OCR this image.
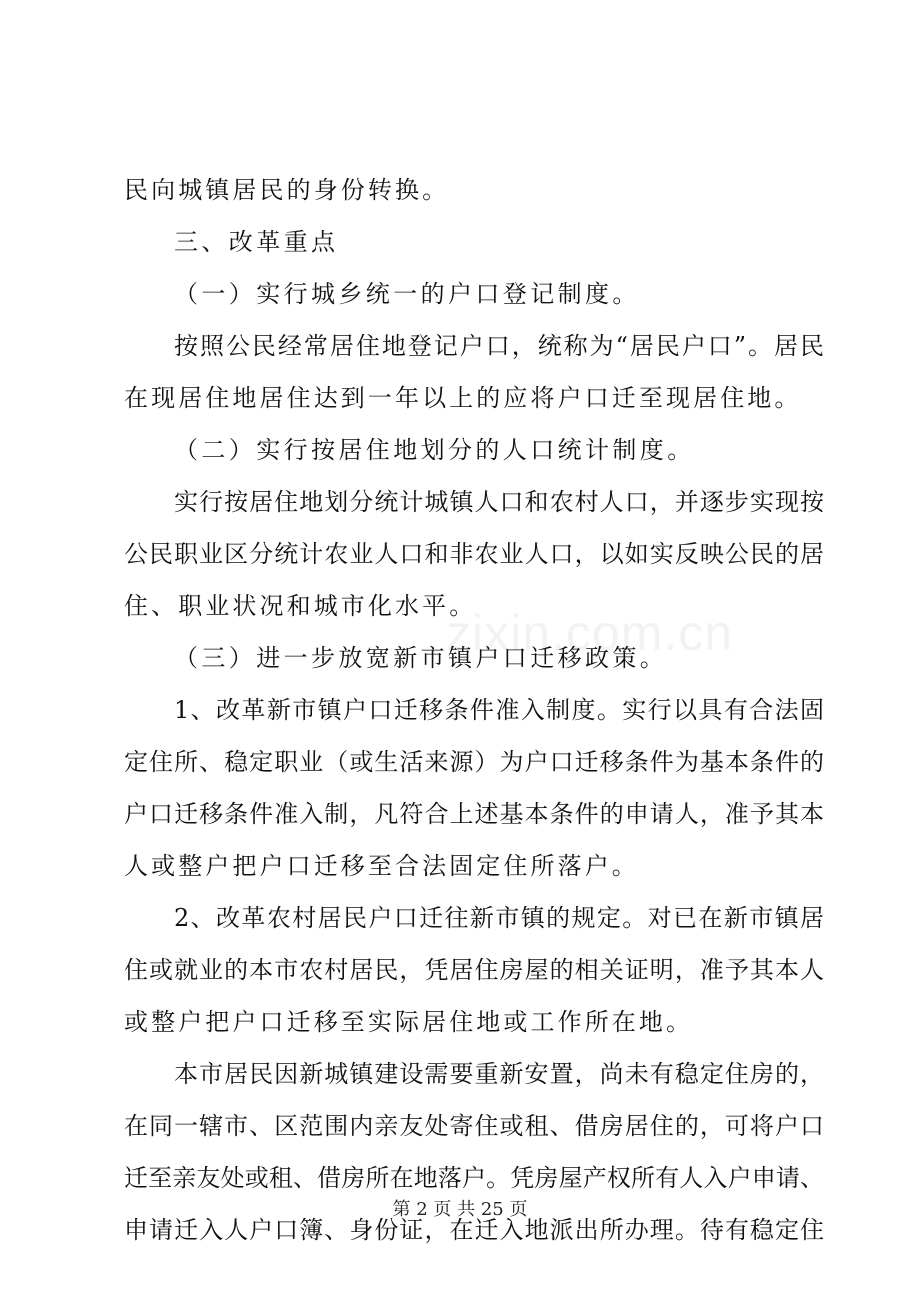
民向城镇居民的身份转换。
三、改革重点
（一）实行城乡统一的户口登记制度。
按照公民经常居住地登记户口，统称为“居民户口”。居民
在现居住地居住达到一年以上的应将户口迁至现居住地。
（二）实行按居住地划分的人口统计制度。
实行按居住地划分统计城镇人口和农村人口，并逐步实现按
公民职业区分统计农业人口和非农业人口，以如实反映公民的居
住、职业状况和城市化水平。
（三）进一步放宽新市镇户口迁移政策。
1、改革新市镇户口迁移条件准入制度。实行以具有合法固
定住所、稳定职业（或生活来源）为户口迁移条件为基本条件的
户口迁移条件准入制，凡符合上述基本条件的申请人，准予其本
人或整户把户口迁移至合法固定住所落户。
2、改革农村居民户口迁往新市镇的规定。对已在新市镇居
住或就业的本市农村居民，凭居住房屋的相关证明，准予其本人
或整户把户口迁移至实际居住地或工作所在地。
本市居民因新城镇建设需要重新安置，尚未有稳定住房的，
在同一辖市、区范围内亲友处寄住或租、借房居住的，可将户口
迁至亲友处或租、借房所在地落户。凭房屋产权所有人入户申请、
申请迁入人户口簿、身份证，在迁入地派出所办理。待有稳定住
zixin.com.cn
第 2 页 共 25 页
